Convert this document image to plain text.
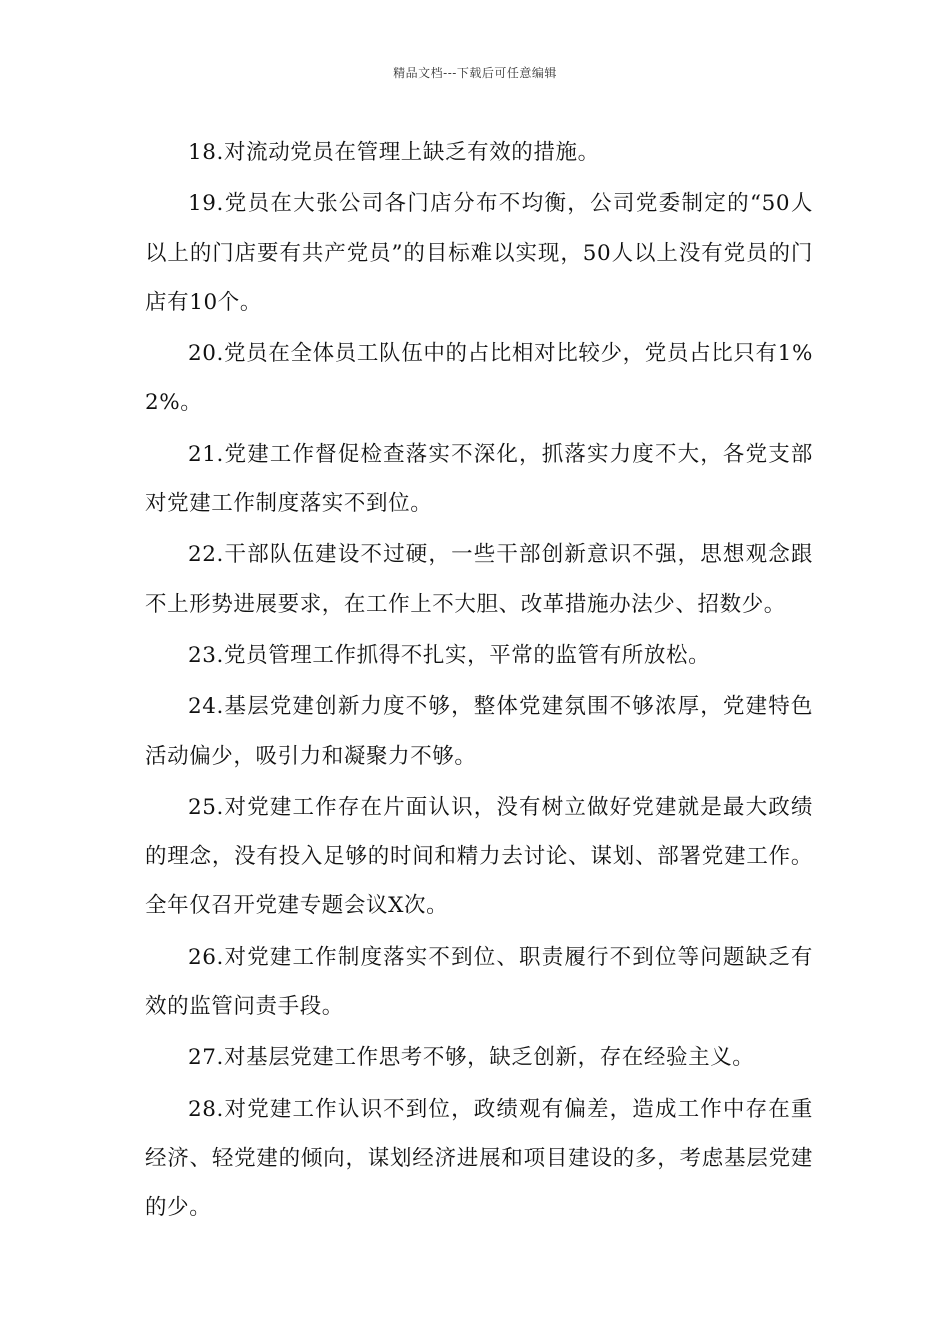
精品文档---下载后可任意编辑

18.对流动党员在管理上缺乏有效的措施。

19.党员在大张公司各门店分布不均衡，公司党委制定的“50人以上的门店要有共产党员”的目标难以实现，50人以上没有党员的门店有10个。

20.党员在全体员工队伍中的占比相对比较少，党员占比只有1%2%。

21.党建工作督促检查落实不深化，抓落实力度不大，各党支部对党建工作制度落实不到位。

22.干部队伍建设不过硬，一些干部创新意识不强，思想观念跟不上形势进展要求，在工作上不大胆、改革措施办法少、招数少。

23.党员管理工作抓得不扎实，平常的监管有所放松。

24.基层党建创新力度不够，整体党建氛围不够浓厚，党建特色活动偏少，吸引力和凝聚力不够。

25.对党建工作存在片面认识，没有树立做好党建就是最大政绩的理念，没有投入足够的时间和精力去讨论、谋划、部署党建工作。全年仅召开党建专题会议X次。

26.对党建工作制度落实不到位、职责履行不到位等问题缺乏有效的监管问责手段。

27.对基层党建工作思考不够，缺乏创新，存在经验主义。

28.对党建工作认识不到位，政绩观有偏差，造成工作中存在重经济、轻党建的倾向，谋划经济进展和项目建设的多，考虑基层党建的少。
